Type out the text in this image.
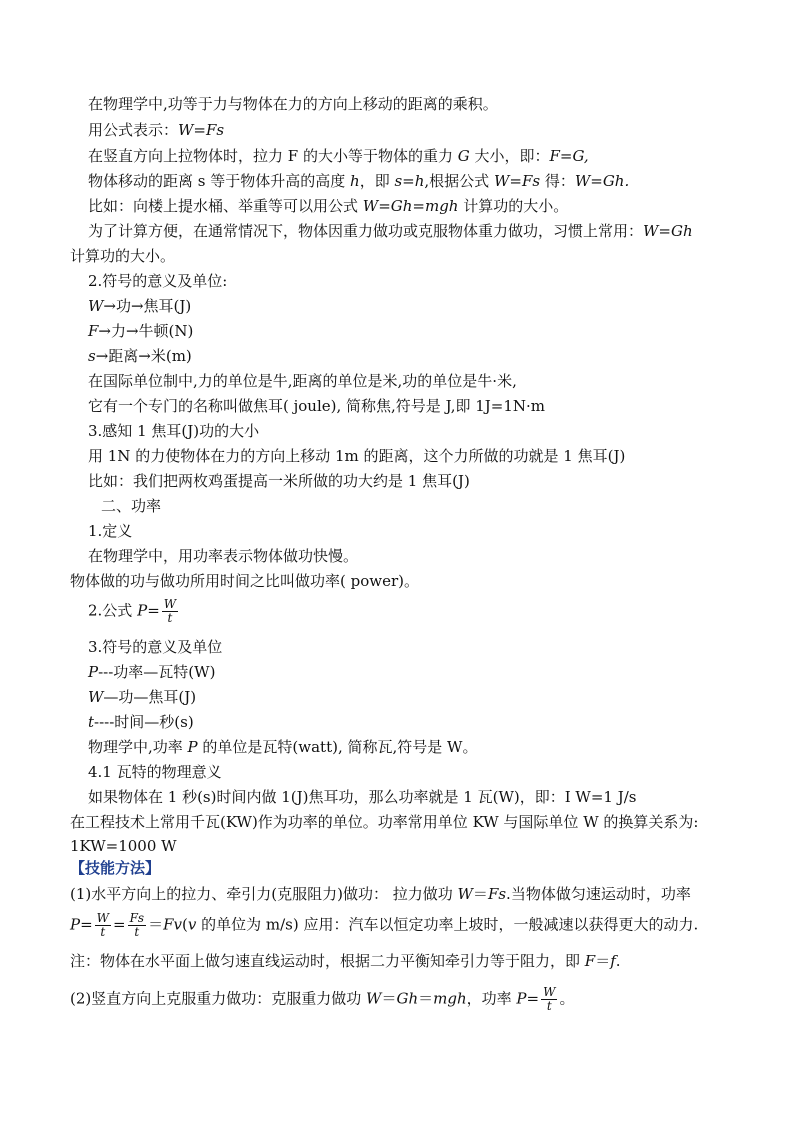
在物理学中,功等于力与物体在力的方向上移动的距离的乘积。
用公式表示：W=Fs
在竖直方向上拉物体时，拉力 F 的大小等于物体的重力 G 大小，即：F=G,
物体移动的距离 s 等于物体升高的高度 h，即 s=h,根据公式 W=Fs 得：W=Gh.
比如：向楼上提水桶、举重等可以用公式 W=Gh=mgh 计算功的大小。
为了计算方便，在通常情况下，物体因重力做功或克服物体重力做功，习惯上常用：W=Gh
计算功的大小。
2.符号的意义及单位:
W→功→焦耳(J)
F→力→牛顿(N)
s→距离→米(m)
在国际单位制中,力的单位是牛,距离的单位是米,功的单位是牛·米,
它有一个专门的名称叫做焦耳( joule), 简称焦,符号是 J,即 1J=1N·m
3.感知 1 焦耳(J)功的大小
用 1N 的力使物体在力的方向上移动 1m 的距离，这个力所做的功就是 1 焦耳(J)
比如：我们把两枚鸡蛋提高一米所做的功大约是 1 焦耳(J)
二、功率
1.定义
在物理学中，用功率表示物体做功快慢。
物体做的功与做功所用时间之比叫做功率( power)。
2.公式 $P= \frac{W}{t}$
3.符号的意义及单位
P---功率—瓦特(W)
W—功—焦耳(J)
t----时间—秒(s)
物理学中,功率 P 的单位是瓦特(watt), 简称瓦,符号是 W。
4.1 瓦特的物理意义
如果物体在 1 秒(s)时间内做 1(J)焦耳功，那么功率就是 1 瓦(W)，即：I W=1 J/s
在工程技术上常用千瓦(KW)作为功率的单位。功率常用单位 KW 与国际单位 W 的换算关系为:
1KW=1000 W
【技能方法】
(1)水平方向上的拉力、牵引力(克服阻力)做功： 拉力做功 W＝Fs.当物体做匀速运动时，功率
$P= \frac{W}{t} = \frac{Fs}{t} =Fv(v$ 的单位为 m/s) 应用：汽车以恒定功率上坡时，一般减速以获得更大的动力.
注：物体在水平面上做匀速直线运动时，根据二力平衡知牵引力等于阻力，即 F＝f.
(2)竖直方向上克服重力做功：克服重力做功 W＝Gh＝mgh，功率 $P= \frac{W}{t}$ 。
